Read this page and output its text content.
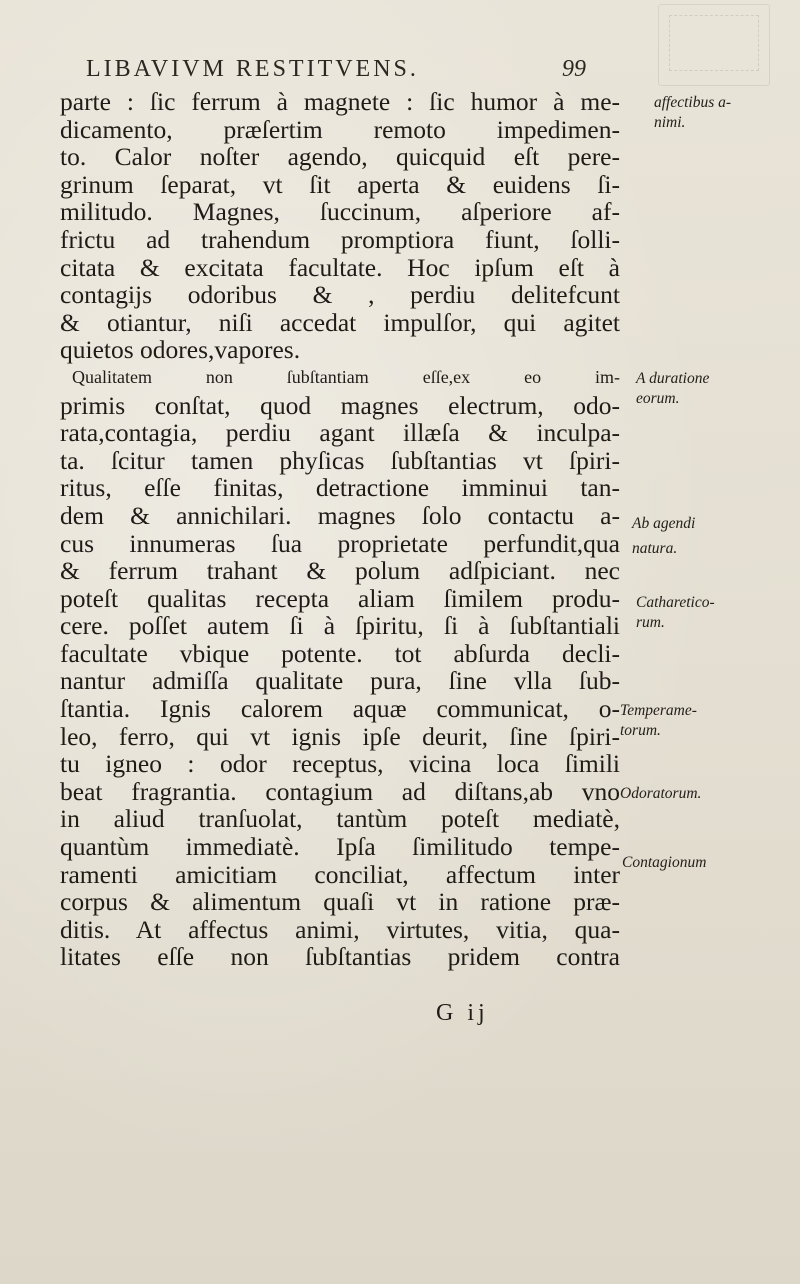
LIBAVIVM RESTITVENS.	99
parte : ſic ferrum à magnete : ſic humor à me-
dicamento, præſertim remoto impedimen-
to. Calor noſter agendo, quicquid eſt pere-
grinum ſeparat, vt ſit aperta & euidens ſi-
militudo. Magnes, ſuccinum, aſperiore af-
frictu ad trahendum promptiora fiunt, ſolli-
citata & excitata facultate. Hoc ipſum eſt à
contagijs odoribus & , perdiu delitefcunt
& otiantur, niſi accedat impulſor, qui agitet
quietos odores,vapores.
Qualitatem non ſubſtantiam eſſe,ex eo im-
primis conſtat, quod magnes electrum, odo-
rata,contagia, perdiu agant illæſa & inculpa-
ta. ſcitur tamen phyſicas ſubſtantias vt ſpiri-
ritus, eſſe finitas, detractione imminui tan-
dem & annichilari. magnes ſolo contactu a-
cus innumeras ſua proprietate perfundit,qua
& ferrum trahant & polum adſpiciant. nec
poteſt qualitas recepta aliam ſimilem produ-
cere. poſſet autem ſi à ſpiritu, ſi à ſubſtantiali
facultate vbique potente. tot abſurda decli-
nantur admiſſa qualitate pura, ſine vlla ſub-
ſtantia. Ignis calorem aquæ communicat, o-
leo, ferro, qui vt ignis ipſe deurit, ſine ſpiri-
tu igneo : odor receptus, vicina loca ſimili
beat fragrantia. contagium ad diſtans,ab vno
in aliud tranſuolat, tantùm poteſt mediatè,
quantùm immediatè. Ipſa ſimilitudo tempe-
ramenti amicitiam conciliat, affectum inter
corpus & alimentum quaſi vt in ratione præ-
ditis. At affectus animi, virtutes, vitia, qua-
litates eſſe non ſubſtantias pridem contra
affectibus a-
nimi.
A duratione
eorum.
Ab agendi
natura.
Catharetico-
rum.
Temperame-
torum.
Odoratorum.
Contagionum
G ij
